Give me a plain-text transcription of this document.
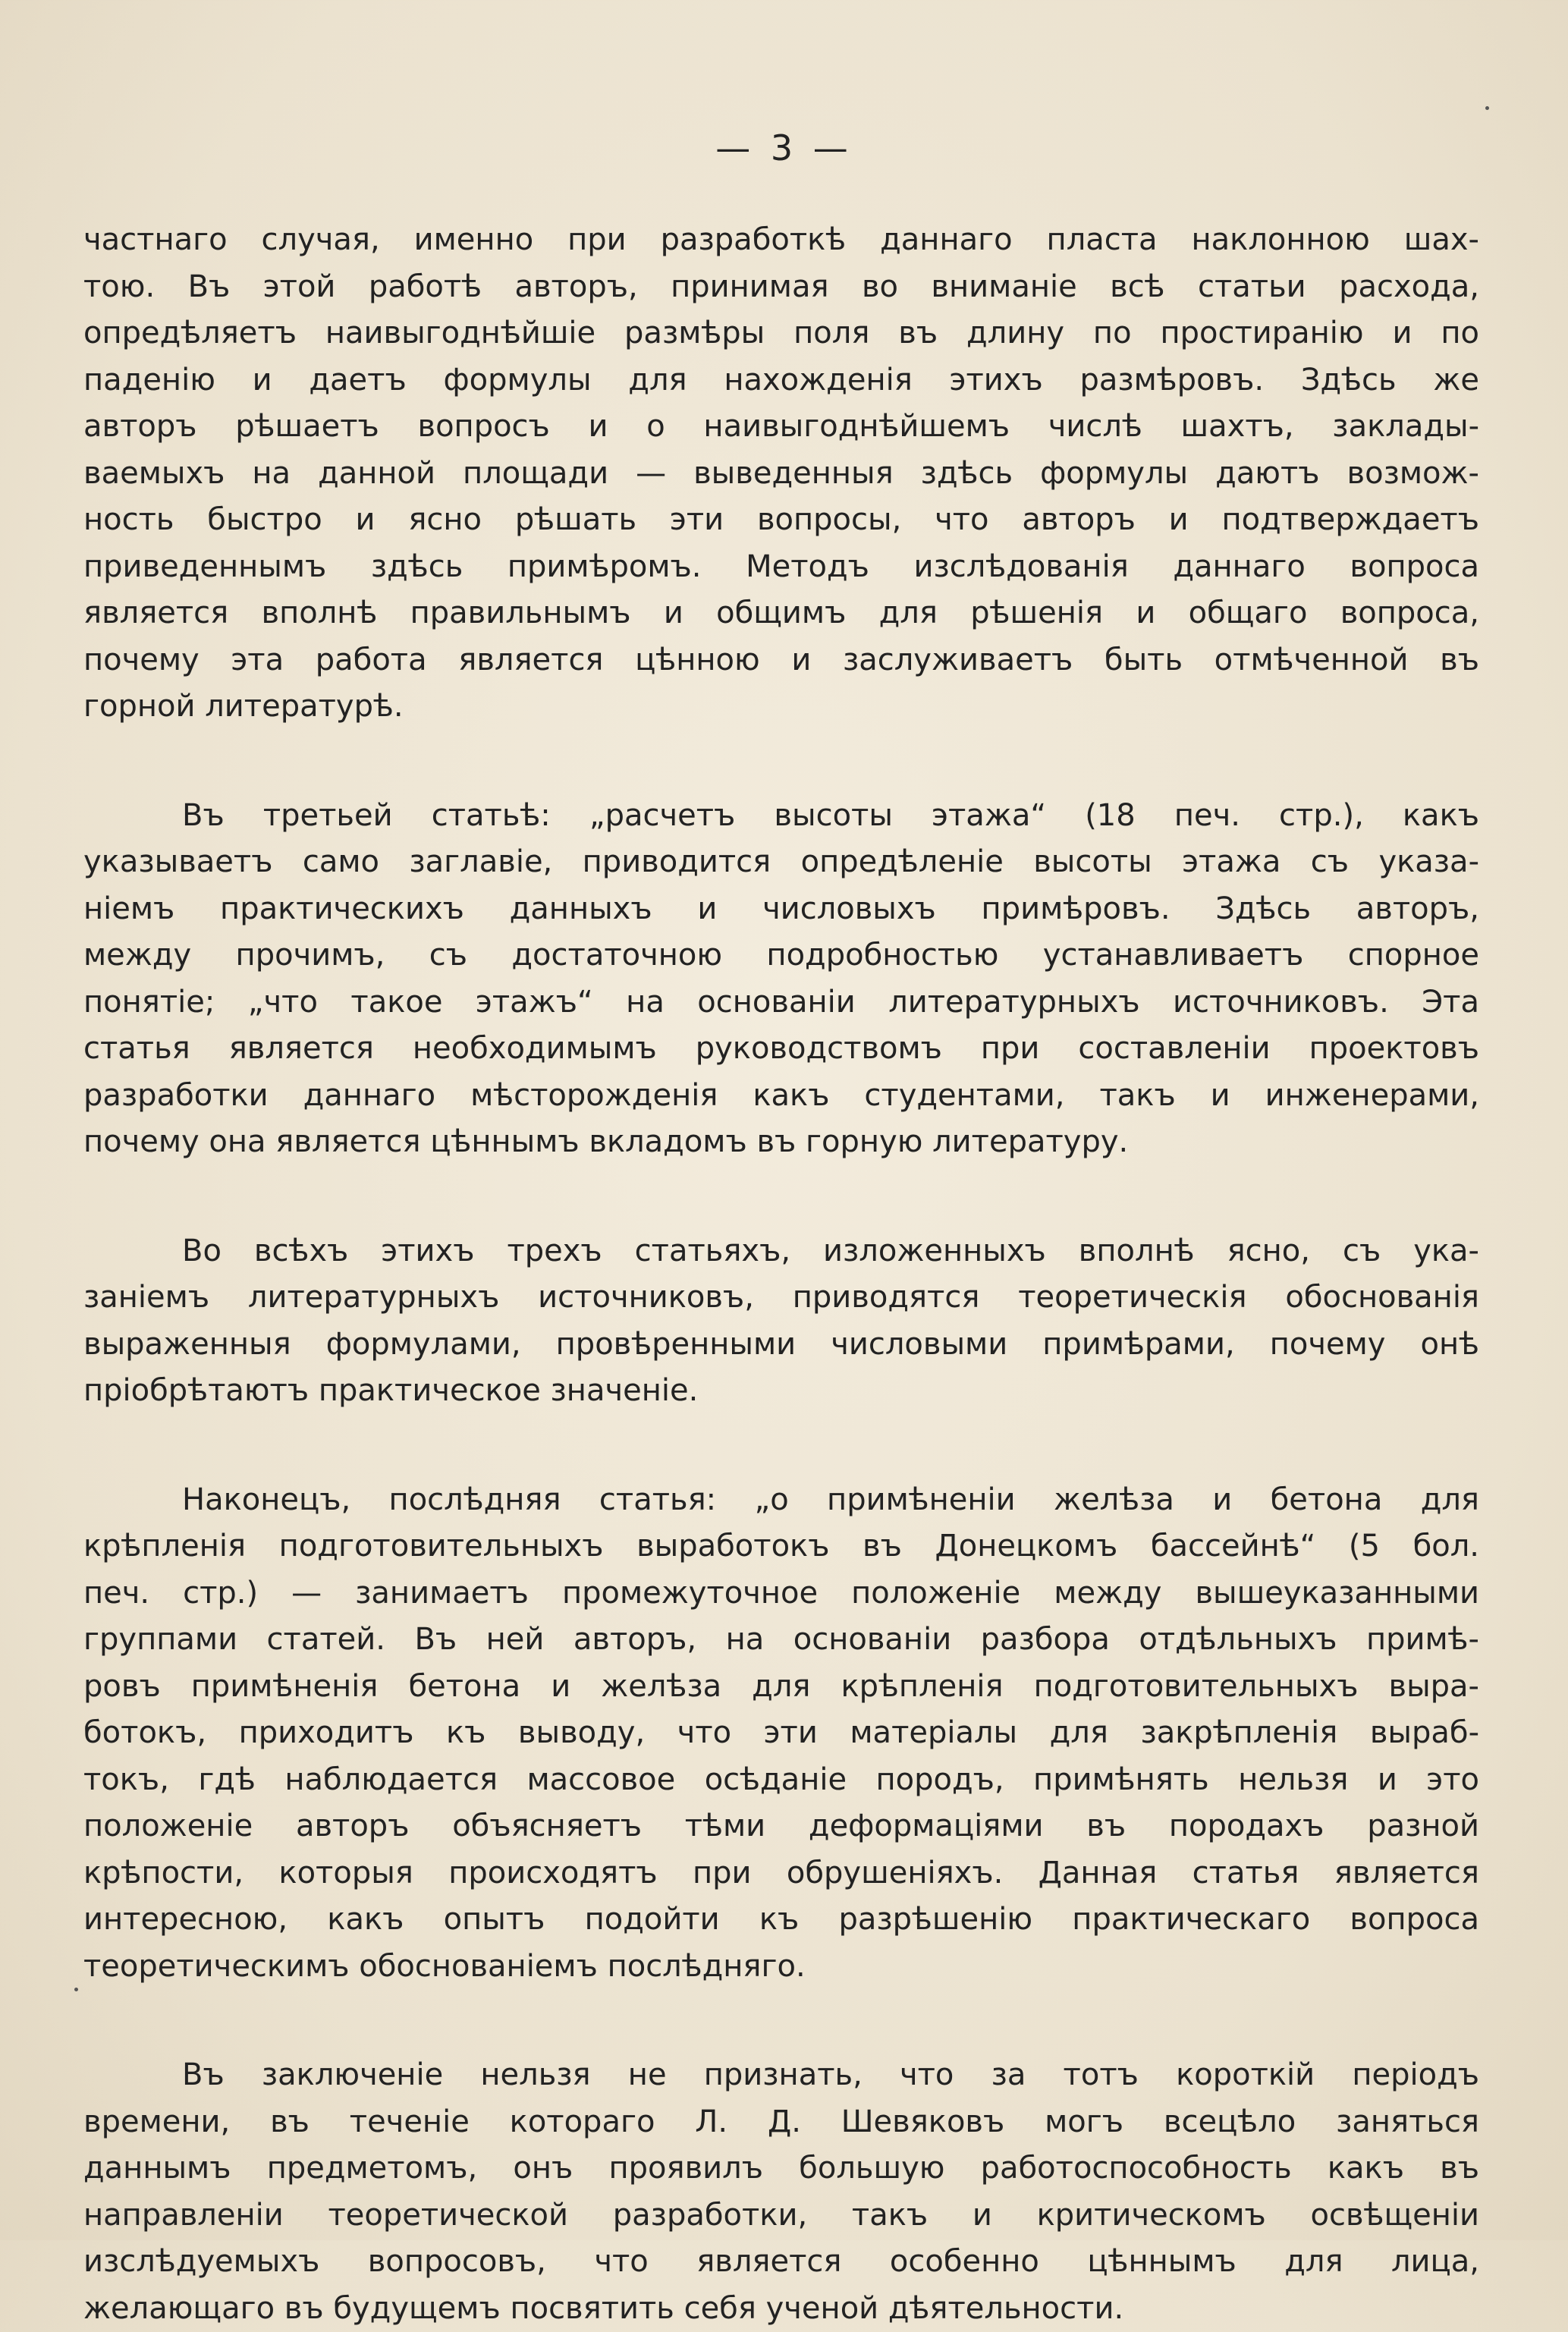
— 3 —
частнаго случая, именно при разработкѣ даннаго пласта наклонною шах-
тою. Въ этой работѣ авторъ, принимая во вниманіе всѣ статьи расхода,
опредѣляетъ наивыгоднѣйшіе размѣры поля въ длину по простиранію и по
паденію и даетъ формулы для нахожденія этихъ размѣровъ. Здѣсь же
авторъ рѣшаетъ вопросъ и о наивыгоднѣйшемъ числѣ шахтъ, заклады-
ваемыхъ на данной площади — выведенныя здѣсь формулы даютъ возмож-
ность быстро и ясно рѣшать эти вопросы, что авторъ и подтверждаетъ
приведеннымъ здѣсь примѣромъ. Методъ изслѣдованія даннаго вопроса
является вполнѣ правильнымъ и общимъ для рѣшенія и общаго вопроса,
почему эта работа является цѣнною и заслуживаетъ быть отмѣченной въ
горной литературѣ.
Въ третьей статьѣ: „расчетъ высоты этажа“ (18 печ. стр.), какъ
указываетъ само заглавіе, приводится опредѣленіе высоты этажа съ указа-
ніемъ практическихъ данныхъ и числовыхъ примѣровъ. Здѣсь авторъ,
между прочимъ, съ достаточною подробностью устанавливаетъ спорное
понятіе; „что такое этажъ“ на основаніи литературныхъ источниковъ. Эта
статья является необходимымъ руководствомъ при составленіи проектовъ
разработки даннаго мѣсторожденія какъ студентами, такъ и инженерами,
почему она является цѣннымъ вкладомъ въ горную литературу.
Во всѣхъ этихъ трехъ статьяхъ, изложенныхъ вполнѣ ясно, съ ука-
заніемъ литературныхъ источниковъ, приводятся теоретическія обоснованія
выраженныя формулами, провѣренными числовыми примѣрами, почему онѣ
пріобрѣтаютъ практическое значеніе.
Наконецъ, послѣдняя статья: „о примѣненіи желѣза и бетона для
крѣпленія подготовительныхъ выработокъ въ Донецкомъ бассейнѣ“ (5 бол.
печ. стр.) — занимаетъ промежуточное положеніе между вышеуказанными
группами статей. Въ ней авторъ, на основаніи разбора отдѣльныхъ примѣ-
ровъ примѣненія бетона и желѣза для крѣпленія подготовительныхъ выра-
ботокъ, приходитъ къ выводу, что эти матеріалы для закрѣпленія выраб-
токъ, гдѣ наблюдается массовое осѣданіе породъ, примѣнять нельзя и это
положеніе авторъ объясняетъ тѣми деформаціями въ породахъ разной
крѣпости, которыя происходятъ при обрушеніяхъ. Данная статья является
интересною, какъ опытъ подойти къ разрѣшенію практическаго вопроса
теоретическимъ обоснованіемъ послѣдняго.
Въ заключеніе нельзя не признать, что за тотъ короткій періодъ
времени, въ теченіе котораго Л. Д. Шевяковъ могъ всецѣло заняться
даннымъ предметомъ, онъ проявилъ большую работоспособность какъ въ
направленіи теоретической разработки, такъ и критическомъ освѣщеніи
изслѣдуемыхъ вопросовъ, что является особенно цѣннымъ для лица,
желающаго въ будущемъ посвятить себя ученой дѣятельности.
